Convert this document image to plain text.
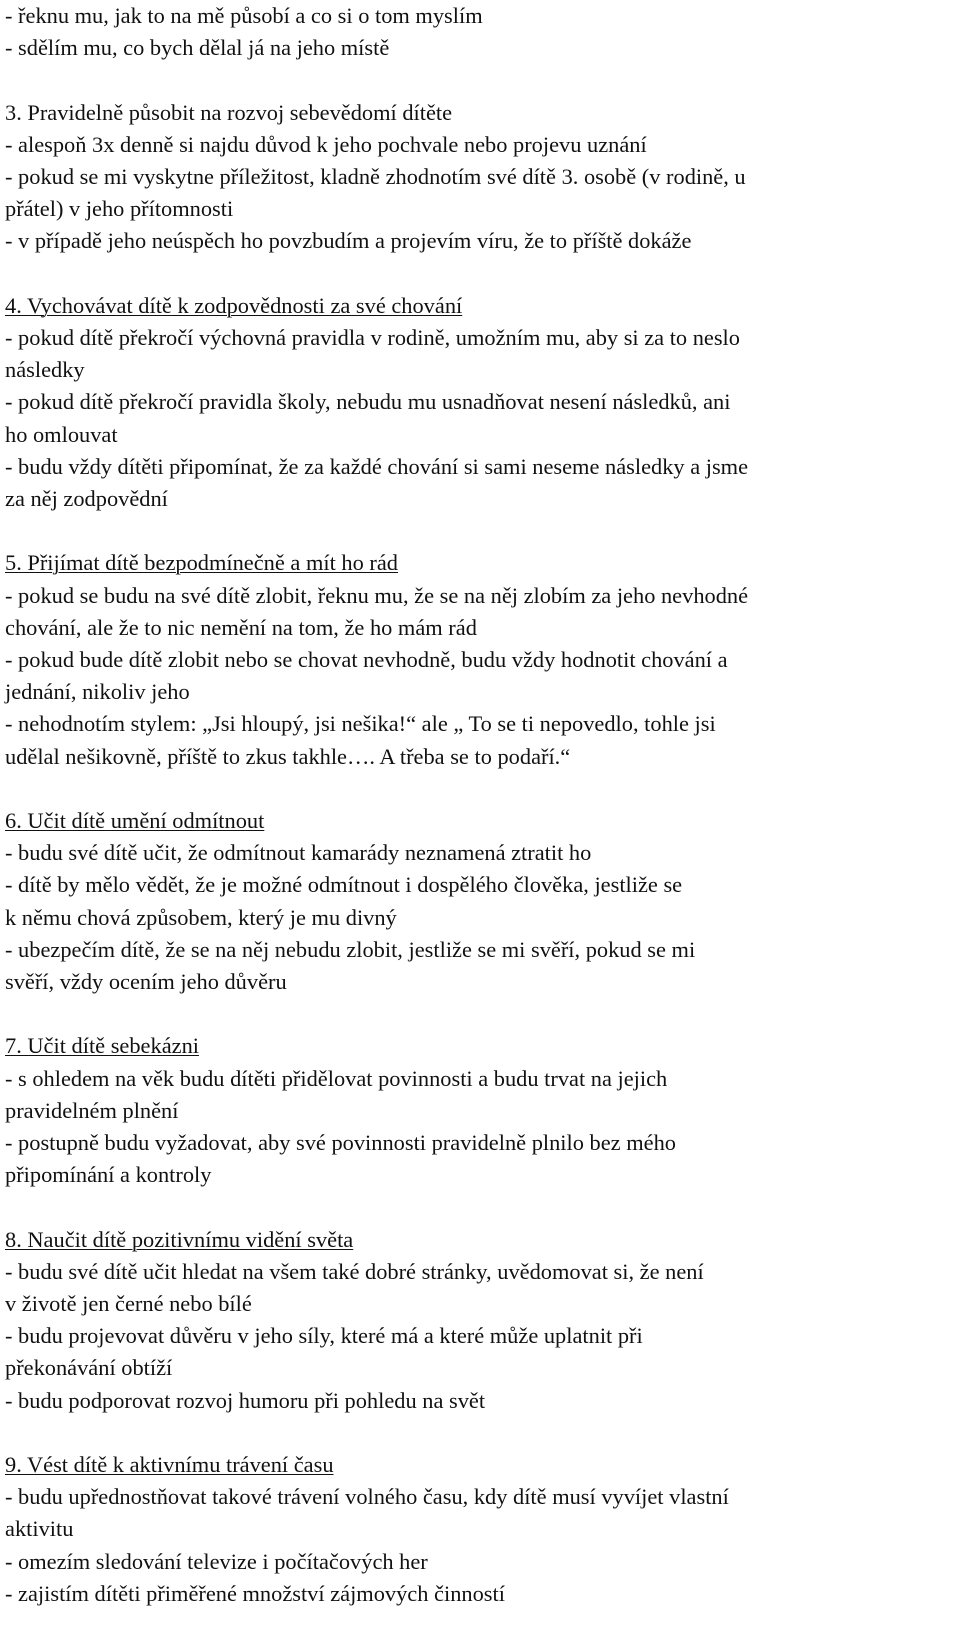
- řeknu mu, jak to na mě působí a co si o tom myslím
- sdělím mu, co bych dělal já na jeho místě
3. Pravidelně působit na rozvoj sebevědomí dítěte
- alespoň 3x denně si najdu důvod k jeho pochvale nebo projevu uznání
- pokud se mi vyskytne příležitost, kladně zhodnotím své dítě 3. osobě (v rodině, u
přátel) v jeho přítomnosti
- v případě jeho neúspěch ho povzbudím a projevím víru, že to příště dokáže
4. Vychovávat dítě k zodpovědnosti za své chování
- pokud dítě překročí výchovná pravidla v rodině, umožním mu, aby si za to neslo
následky
- pokud dítě překročí pravidla školy, nebudu mu usnadňovat nesení následků, ani
ho omlouvat
- budu vždy dítěti připomínat, že za každé chování si sami neseme následky a jsme
za něj zodpovědní
5. Přijímat dítě bezpodmínečně a mít ho rád
- pokud se budu na své dítě zlobit, řeknu mu, že se na něj zlobím za jeho nevhodné
chování, ale že to nic nemění na tom, že ho mám rád
- pokud bude dítě zlobit nebo se chovat nevhodně, budu vždy hodnotit chování a
jednání, nikoliv jeho
- nehodnotím stylem: „Jsi hloupý, jsi nešika!“ ale „ To se ti nepovedlo, tohle jsi
udělal nešikovně, příště to zkus takhle…. A třeba se to podaří.“
6. Učit dítě umění odmítnout
- budu své dítě učit, že odmítnout kamarády neznamená ztratit ho
- dítě by mělo vědět, že je možné odmítnout i dospělého člověka, jestliže se
k němu chová způsobem, který je mu divný
- ubezpečím dítě, že se na něj nebudu zlobit, jestliže se mi svěří, pokud se mi
svěří, vždy ocením jeho důvěru
7. Učit dítě sebekázni
- s ohledem na věk budu dítěti přidělovat povinnosti a budu trvat na jejich
pravidelném plnění
- postupně budu vyžadovat, aby své povinnosti pravidelně plnilo bez mého
připomínání a kontroly
8. Naučit dítě pozitivnímu vidění světa
- budu své dítě učit hledat na všem také dobré stránky, uvědomovat si, že není
v životě jen černé nebo bílé
- budu projevovat důvěru v jeho síly, které má a které může uplatnit při
překonávání obtíží
- budu podporovat rozvoj humoru při pohledu na svět
9. Vést dítě k aktivnímu trávení času
- budu upřednostňovat takové trávení volného času, kdy dítě musí vyvíjet vlastní
aktivitu
- omezím sledování televize i počítačových her
- zajistím dítěti přiměřené množství zájmových činností
